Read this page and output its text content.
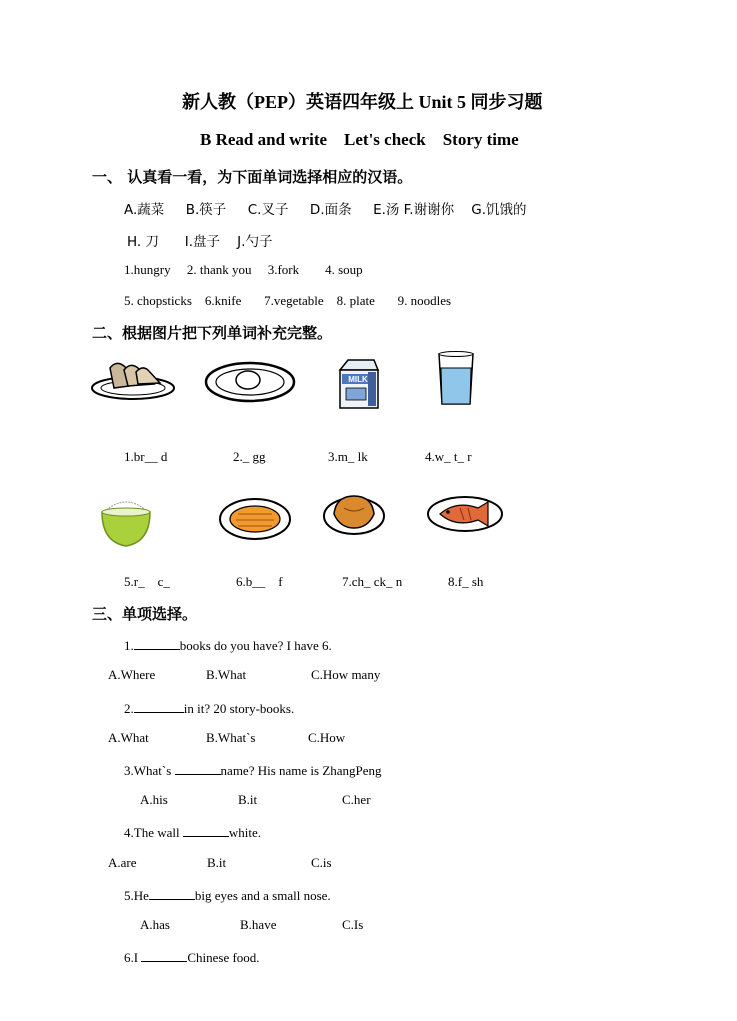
新人教（PEP）英语四年级上 Unit 5 同步习题
B Read and write    Let's check    Story time
一、 认真看一看，为下面单词选择相应的汉语。
A.蔬菜     B.筷子     C.叉子     D.面条     E.汤 F.谢谢你    G.饥饿的
H. 刀      I.盘子    J.勺子
1.hungry     2. thank you     3.fork        4. soup
5. chopsticks    6.knife       7.vegetable    8. plate       9. noodles
二、根据图片把下列单词补充完整。
MILK
1.br__ d	2._ gg	3.m_ lk	4.w_ t_ r
5.r_    c_	6.b__    f	7.ch_ ck_ n	8.f_ sh
三、单项选择。
1.	books do you have? I have 6.
A.Where	B.What	C.How many
2.	in it? 20 story-books.
A.What	B.What`s	C.How
3.What`s	name? His name is ZhangPeng
A.his	B.it	C.her
4.The wall	white.
A.are	B.it	C.is
5.He	big eyes and a small nose.
A.has	B.have	C.Is
6.I	Chinese food.
